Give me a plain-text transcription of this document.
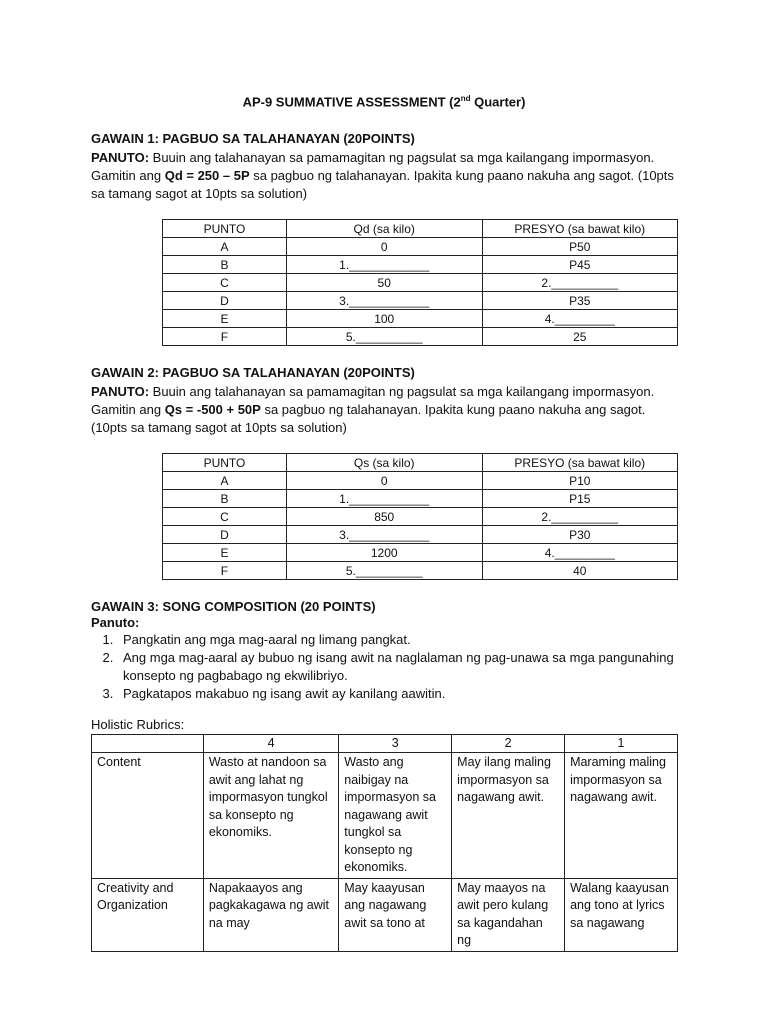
AP-9 SUMMATIVE ASSESSMENT (2nd Quarter)
GAWAIN 1: PAGBUO SA TALAHANAYAN (20POINTS)
PANUTO: Buuin ang talahanayan sa pamamagitan ng pagsulat sa mga kailangang impormasyon. Gamitin ang Qd = 250 – 5P sa pagbuo ng talahanayan. Ipakita kung paano nakuha ang sagot. (10pts sa tamang sagot at 10pts sa solution)
PUNTO	Qd (sa kilo)	PRESYO (sa bawat kilo)
A	0	P50
B	1.____________	P45
C	50	2.__________
D	3.____________	P35
E	100	4._________
F	5.__________	25
GAWAIN 2: PAGBUO SA TALAHANAYAN (20POINTS)
PANUTO: Buuin ang talahanayan sa pamamagitan ng pagsulat sa mga kailangang impormasyon. Gamitin ang Qs = -500 + 50P sa pagbuo ng talahanayan. Ipakita kung paano nakuha ang sagot. (10pts sa tamang sagot at 10pts sa solution)
PUNTO	Qs (sa kilo)	PRESYO (sa bawat kilo)
A	0	P10
B	1.____________	P15
C	850	2.__________
D	3.____________	P30
E	1200	4._________
F	5.__________	40
GAWAIN 3: SONG COMPOSITION (20 POINTS)
Panuto:
1. Pangkatin ang mga mag-aaral ng limang pangkat.
2. Ang mga mag-aaral ay bubuo ng isang awit na naglalaman ng pag-unawa sa mga pangunahing konsepto ng pagbabago ng ekwilibriyo.
3. Pagkatapos makabuo ng isang awit ay kanilang aawitin.
Holistic Rubrics:
	4	3	2	1
Content	Wasto at nandoon sa awit ang lahat ng impormasyon tungkol sa konsepto ng ekonomiks.	Wasto ang naibigay na impormasyon sa nagawang awit tungkol sa konsepto ng ekonomiks.	May ilang maling impormasyon sa nagawang awit.	Maraming maling impormasyon sa nagawang awit.
Creativity and Organization	Napakaayos ang pagkakagawa ng awit na may	May kaayusan ang nagawang awit sa tono at	May maayos na awit pero kulang sa kagandahan ng	Walang kaayusan ang tono at lyrics sa nagawang
